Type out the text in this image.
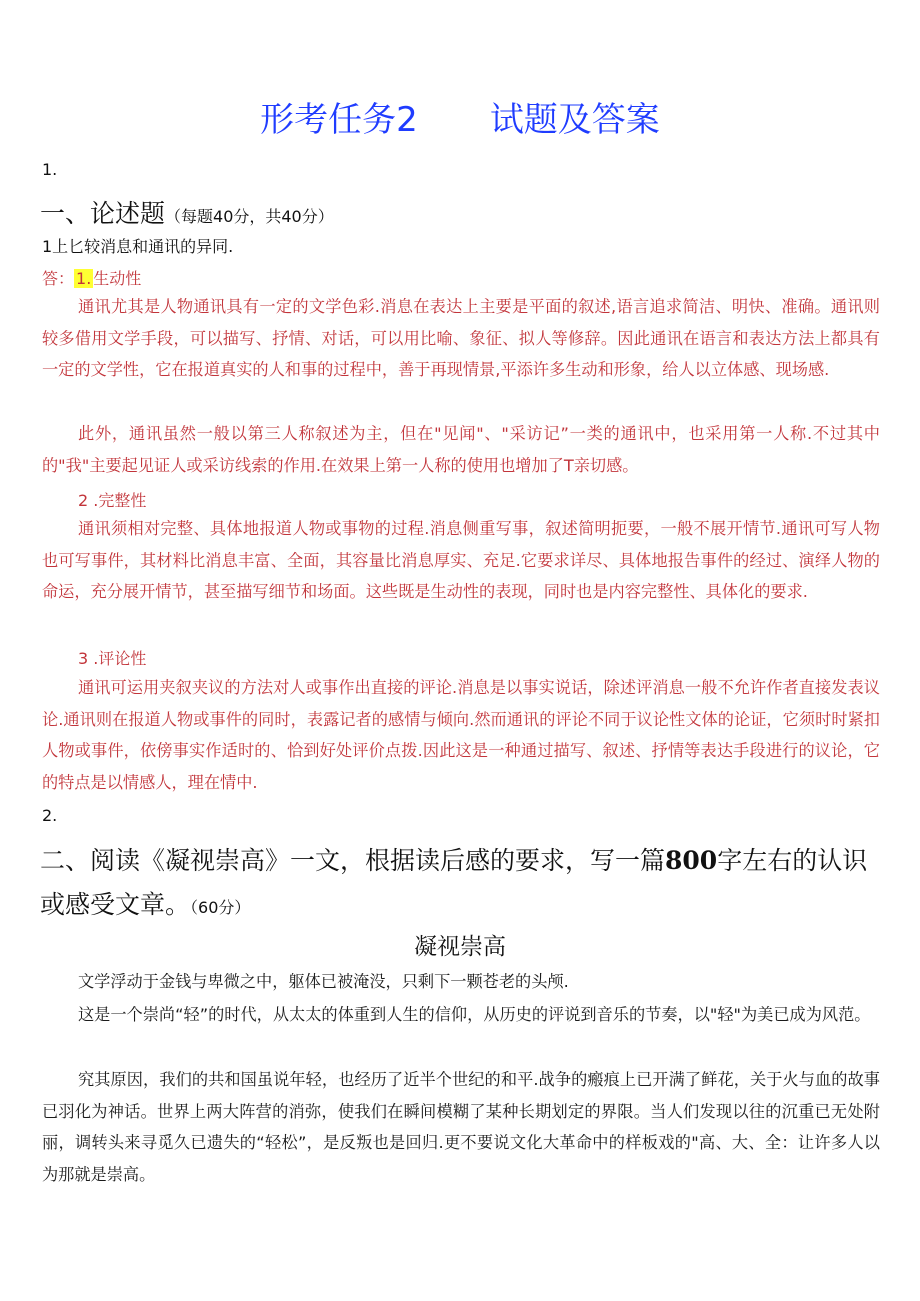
形考任务2 试题及答案
1.
一、论述题（每题40分，共40分）
1上匕较消息和通讯的异同.
答： 1. 生动性
通讯尤其是人物通讯具有一定的文学色彩.消息在表达上主要是平面的叙述,语言追求简洁、明快、准确。通讯则较多借用文学手段，可以描写、抒情、对话，可以用比喻、象征、拟人等修辞。因此通讯在语言和表达方法上都具有一定的文学性，它在报道真实的人和事的过程中，善于再现情景,平添许多生动和形象，给人以立体感、现场感.
此外，通讯虽然一般以第三人称叙述为主，但在"见闻"、"采访记”一类的通讯中，也采用第一人称.不过其中的"我"主要起见证人或采访线索的作用.在效果上第一人称的使用也增加了T亲切感。
2 .完整性
通讯须相对完整、具体地报道人物或事物的过程.消息侧重写事，叙述简明扼要，一般不展开情节.通讯可写人物也可写事件，其材料比消息丰富、全面，其容量比消息厚实、充足.它要求详尽、具体地报告事件的经过、演绎人物的命运，充分展开情节，甚至描写细节和场面。这些既是生动性的表现，同时也是内容完整性、具体化的要求.
3 .评论性
通讯可运用夹叙夹议的方法对人或事作出直接的评论.消息是以事实说话，除述评消息一般不允许作者直接发表议论.通讯则在报道人物或事件的同时，表露记者的感情与倾向.然而通讯的评论不同于议论性文体的论证，它须时时紧扣人物或事件，依傍事实作适时的、恰到好处评价点拨.因此这是一种通过描写、叙述、抒情等表达手段进行的议论，它的特点是以情感人，理在情中.
2.
二、阅读《凝视崇高》一文，根据读后感的要求，写一篇800字左右的认识或感受文章。（60分）
凝视崇高
文学浮动于金钱与卑微之中，躯体已被淹没，只剩下一颗苍老的头颅.
这是一个崇尚“轻”的时代，从太太的体重到人生的信仰，从历史的评说到音乐的节奏，以"轻"为美已成为风范。
究其原因，我们的共和国虽说年轻，也经历了近半个世纪的和平.战争的瘢痕上已开满了鲜花，关于火与血的故事已羽化为神话。世界上两大阵营的消弥，使我们在瞬间模糊了某种长期划定的界限。当人们发现以往的沉重已无处附丽，调转头来寻觅久已遗失的“轻松”，是反叛也是回归.更不要说文化大革命中的样板戏的"高、大、全：让许多人以为那就是崇高。
